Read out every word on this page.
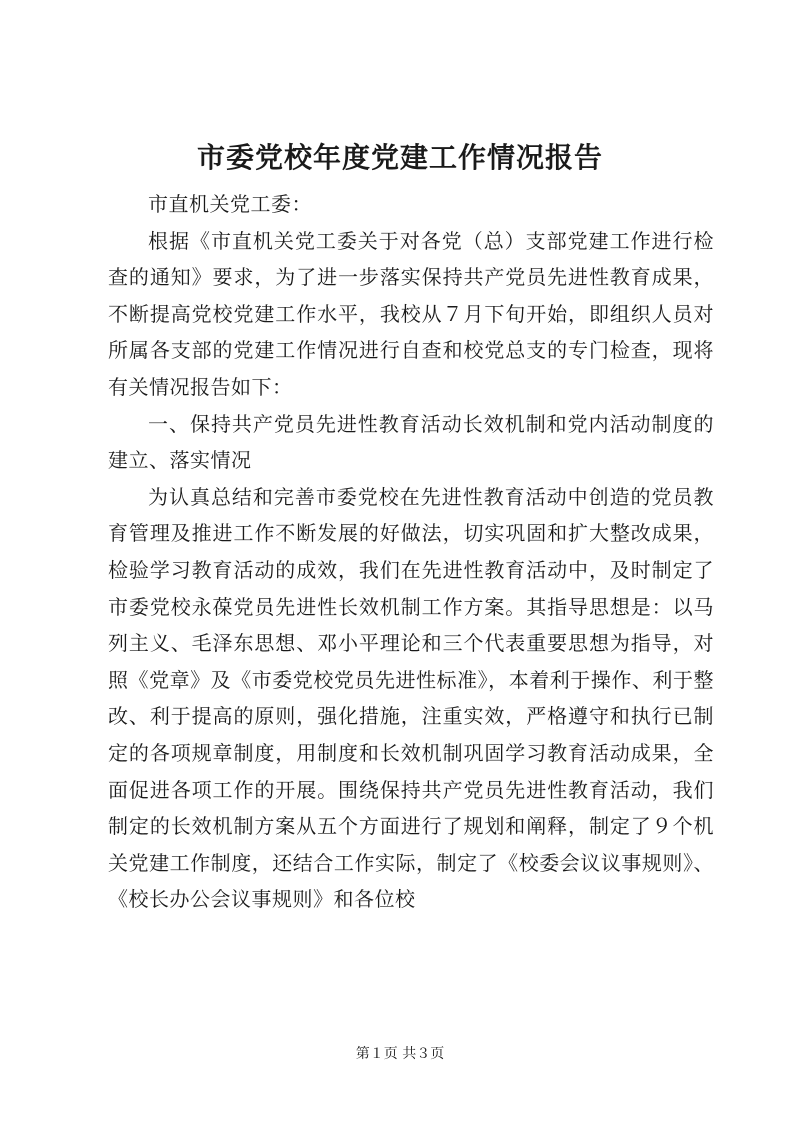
市委党校年度党建工作情况报告

市直机关党工委：

根据《市直机关党工委关于对各党（总）支部党建工作进行检查的通知》要求，为了进一步落实保持共产党员先进性教育成果，不断提高党校党建工作水平，我校从７月下旬开始，即组织人员对所属各支部的党建工作情况进行自查和校党总支的专门检查，现将有关情况报告如下：

一、保持共产党员先进性教育活动长效机制和党内活动制度的建立、落实情况

为认真总结和完善市委党校在先进性教育活动中创造的党员教育管理及推进工作不断发展的好做法，切实巩固和扩大整改成果，检验学习教育活动的成效，我们在先进性教育活动中，及时制定了市委党校永葆党员先进性长效机制工作方案。其指导思想是：以马列主义、毛泽东思想、邓小平理论和三个代表重要思想为指导，对照《党章》及《市委党校党员先进性标准》，本着利于操作、利于整改、利于提高的原则，强化措施，注重实效，严格遵守和执行已制定的各项规章制度，用制度和长效机制巩固学习教育活动成果，全面促进各项工作的开展。围绕保持共产党员先进性教育活动，我们制定的长效机制方案从五个方面进行了规划和阐释，制定了９个机关党建工作制度，还结合工作实际，制定了《校委会议议事规则》、《校长办公会议事规则》和各位校

第１页 共３页
